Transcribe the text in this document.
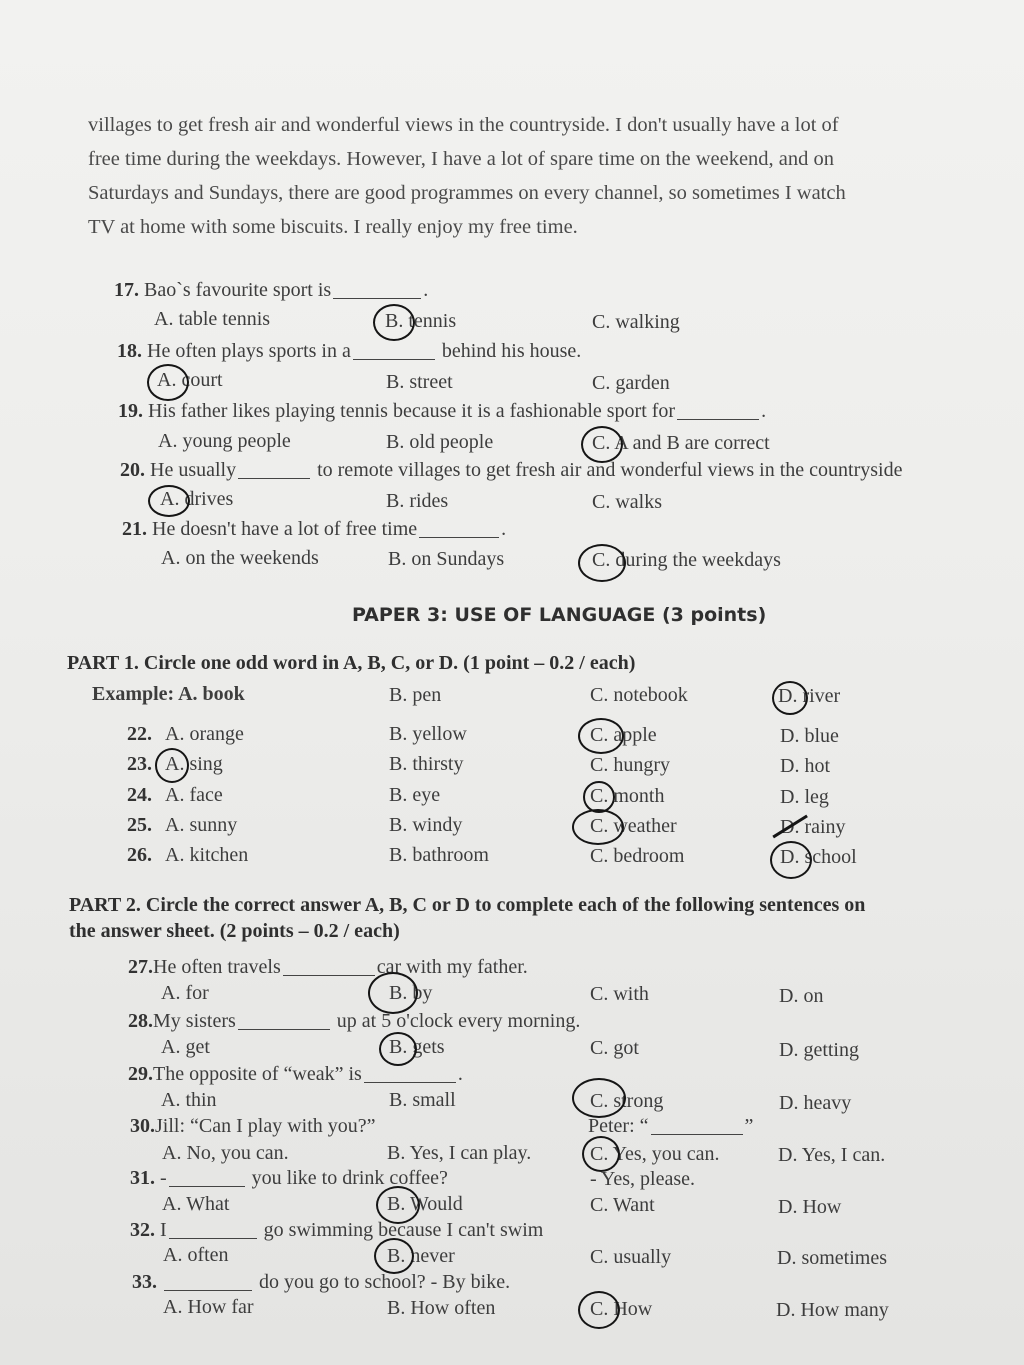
villages to get fresh air and wonderful views in the countryside. I don't usually have a lot of

free time during the weekdays. However, I have a lot of spare time on the weekend, and on

Saturdays and Sundays, there are good programmes on every channel, so sometimes I watch

TV at home with some biscuits. I really enjoy my free time.

17. Bao`s favourite sport is	.
A. table tennis	B. tennis	C. walking
18. He often plays sports in a	behind his house.
A. court	B. street	C. garden
19. His father likes playing tennis because it is a fashionable sport for	.
A. young people	B. old people	C. A and B are correct
20. He usually	to remote villages to get fresh air and wonderful views in the countryside
A. drives	B. rides	C. walks
21. He doesn't have a lot of free time	.
A. on the weekends	B. on Sundays	C. during the weekdays
PAPER 3: USE OF LANGUAGE (3 points)
PART 1. Circle one odd word in A, B, C, or D. (1 point – 0.2 / each)
Example: A. book	B. pen	C. notebook	D. river
22. A. orange	B. yellow	C. apple	D. blue
23. A. sing	B. thirsty	C. hungry	D. hot
24. A. face	B. eye	C. month	D. leg
25. A. sunny	B. windy	C. weather	D. rainy
26. A. kitchen	B. bathroom	C. bedroom	D. school
PART 2. Circle the correct answer A, B, C or D to complete each of the following sentences on
the answer sheet. (2 points – 0.2 / each)
27.He often travels	car with my father.
A. for	B. by	C. with	D. on
28.My sisters	up at 5 o'clock every morning.
A. get	B. gets	C. got	D. getting
29.The opposite of “weak” is	.
A. thin	B. small	C. strong	D. heavy
30.Jill: “Can I play with you?”	Peter: “	”
A. No, you can.	B. Yes, I can play.	C. Yes, you can.	D. Yes, I can.
31. -	you like to drink coffee?	- Yes, please.
A. What	B. Would	C. Want	D. How
32. I	go swimming because I can't swim
A. often	B. never	C. usually	D. sometimes
33.	do you go to school? - By bike.
A. How far	B. How often	C. How	D. How many
